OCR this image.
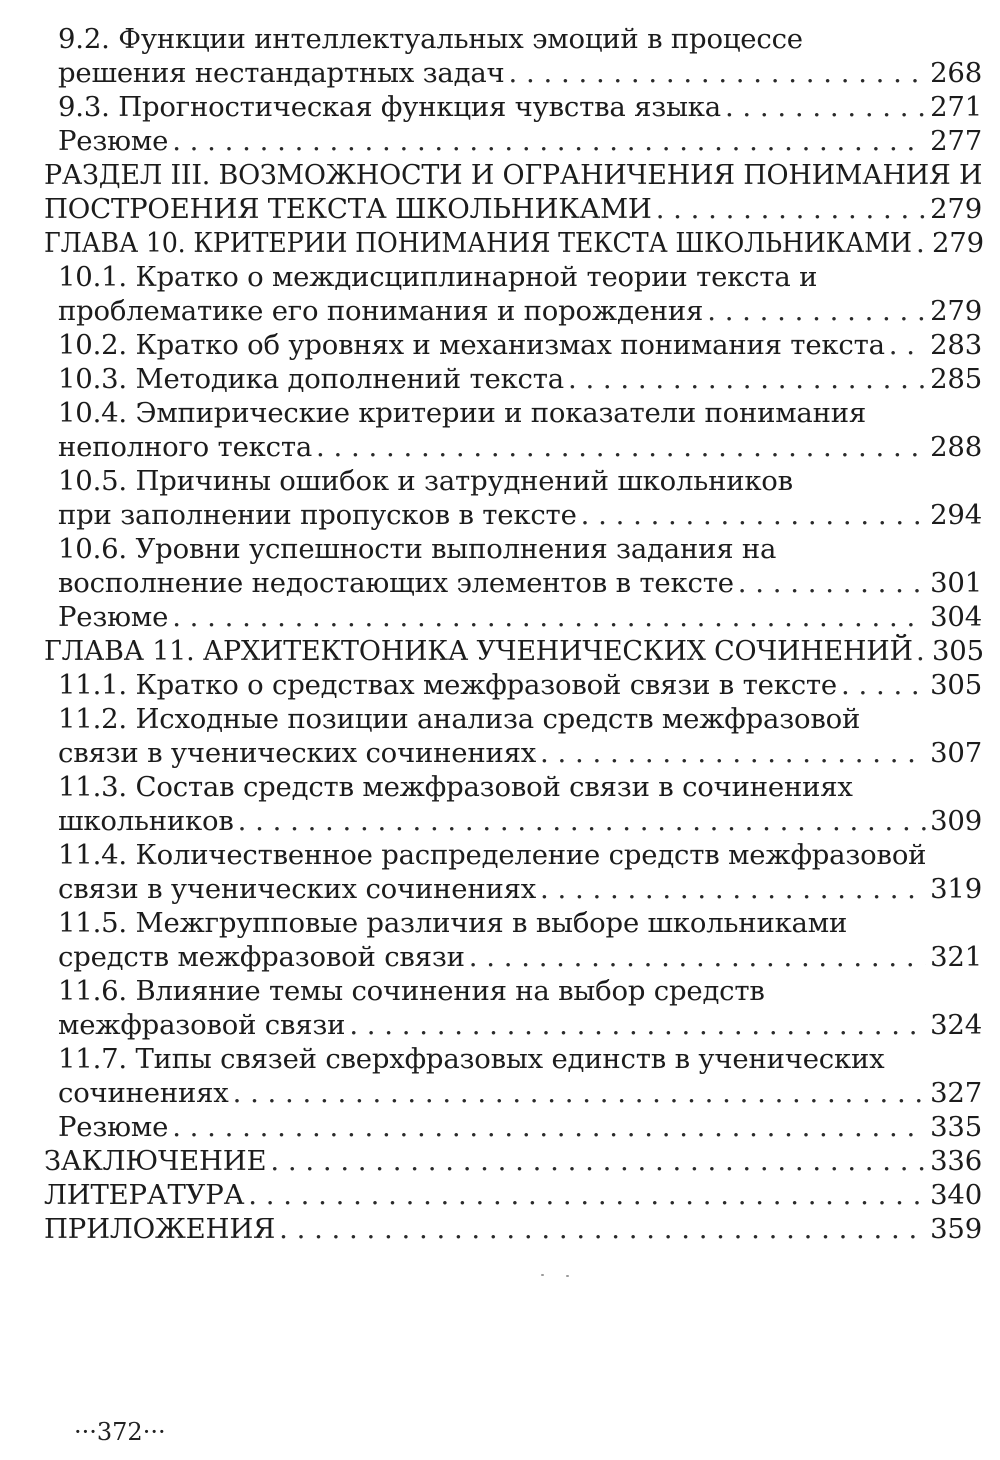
9.2. Функции интеллектуальных эмоций в процессе
решения нестандартных задач . . .	268
9.3. Прогностическая функция чувства языка . . .	271
Резюме . . .	277
РАЗДЕЛ III. ВОЗМОЖНОСТИ И ОГРАНИЧЕНИЯ ПОНИМАНИЯ И
ПОСТРОЕНИЯ ТЕКСТА ШКОЛЬНИКАМИ . . .	279
ГЛАВА 10. КРИТЕРИИ ПОНИМАНИЯ ТЕКСТА ШКОЛЬНИКАМИ . . . 279
10.1. Кратко о междисциплинарной теории текста и
проблематике его понимания и порождения . . .	279
10.2. Кратко об уровнях и механизмах понимания текста . . . 283
10.3. Методика дополнений текста . . .	285
10.4. Эмпирические критерии и показатели понимания
неполного текста . . .	288
10.5. Причины ошибок и затруднений школьников
при заполнении пропусков в тексте . . .	294
10.6. Уровни успешности выполнения задания на
восполнение недостающих элементов в тексте . . .	301
Резюме . . .	304
ГЛАВА 11. АРХИТЕКТОНИКА УЧЕНИЧЕСКИХ СОЧИНЕНИЙ . . . 305
11.1. Кратко о средствах межфразовой связи в тексте . . .	305
11.2. Исходные позиции анализа средств межфразовой
связи в ученических сочинениях . . .	307
11.3. Состав средств межфразовой связи в сочинениях
школьников . . .	309
11.4. Количественное распределение средств межфразовой
связи в ученических сочинениях . . .	319
11.5. Межгрупповые различия в выборе школьниками
средств межфразовой связи . . .	321
11.6. Влияние темы сочинения на выбор средств
межфразовой связи . . .	324
11.7. Типы связей сверхфразовых единств в ученических
сочинениях . . .	327
Резюме . . .	335
ЗАКЛЮЧЕНИЕ . . .	336
ЛИТЕРАТУРА . . .	340
ПРИЛОЖЕНИЯ . . .	359
···372···
